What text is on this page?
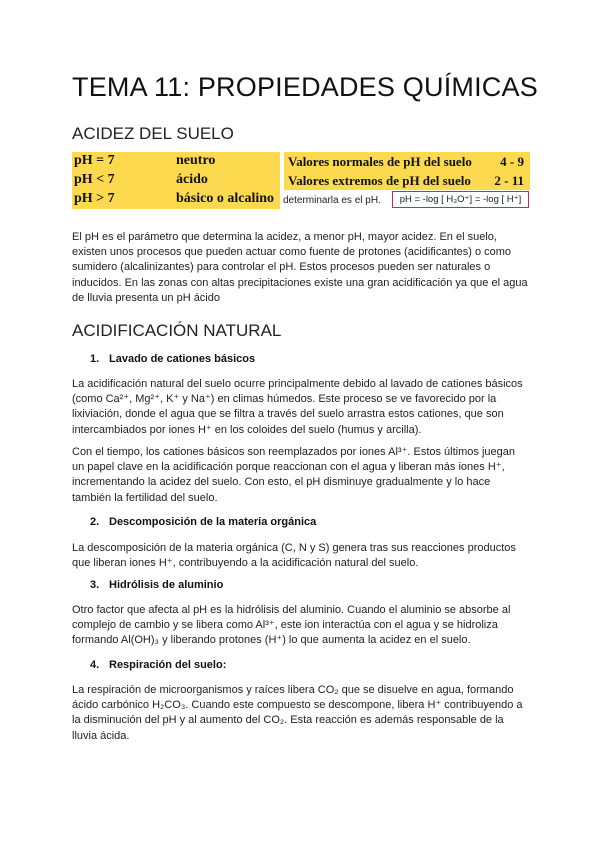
TEMA 11: PROPIEDADES QUÍMICAS
ACIDEZ DEL SUELO
pH = 7	neutro
pH < 7	ácido
pH > 7	básico o alcalino
Valores normales de pH del suelo 4 - 9
Valores extremos de pH del suelo 2 - 11
determinarla es el pH.	pH = -log [ H₃O⁺] = -log [ H⁺]
El pH es el parámetro que determina la acidez, a menor pH, mayor acidez. En el suelo, existen unos procesos que pueden actuar como fuente de protones (acidificantes) o como sumidero (alcalinizantes) para controlar el pH. Estos procesos pueden ser naturales o inducidos. En las zonas con altas precipitaciones existe una gran acidificación ya que el agua de lluvia presenta un pH ácido
ACIDIFICACIÓN NATURAL
1. Lavado de cationes básicos
La acidificación natural del suelo ocurre principalmente debido al lavado de cationes básicos (como Ca²⁺, Mg²⁺, K⁺ y Na⁺) en climas húmedos. Este proceso se ve favorecido por la lixiviación, donde el agua que se filtra a través del suelo arrastra estos cationes, que son intercambiados por iones H⁺ en los coloides del suelo (humus y arcilla).
Con el tiempo, los cationes básicos son reemplazados por iones Al³⁺. Estos últimos juegan un papel clave en la acidificación porque reaccionan con el agua y liberan más iones H⁺, incrementando la acidez del suelo. Con esto, el pH disminuye gradualmente y lo hace también la fertilidad del suelo.
2. Descomposición de la materia orgánica
La descomposición de la materia orgánica (C, N y S) genera tras sus reacciones productos que liberan iones H⁺, contribuyendo a la acidificación natural del suelo.
3. Hidrólisis de aluminio
Otro factor que afecta al pH es la hidrólisis del aluminio. Cuando el aluminio se absorbe al complejo de cambio y se libera como Al³⁺, este ion interactúa con el agua y se hidroliza formando Al(OH)₃ y liberando protones (H⁺) lo que aumenta la acidez en el suelo.
4. Respiración del suelo:
La respiración de microorganismos y raíces libera CO₂ que se disuelve en agua, formando ácido carbónico H₂CO₃. Cuando este compuesto se descompone, libera H⁺ contribuyendo a la disminución del pH y al aumento del CO₂. Esta reacción es además responsable de la lluvia ácida.
